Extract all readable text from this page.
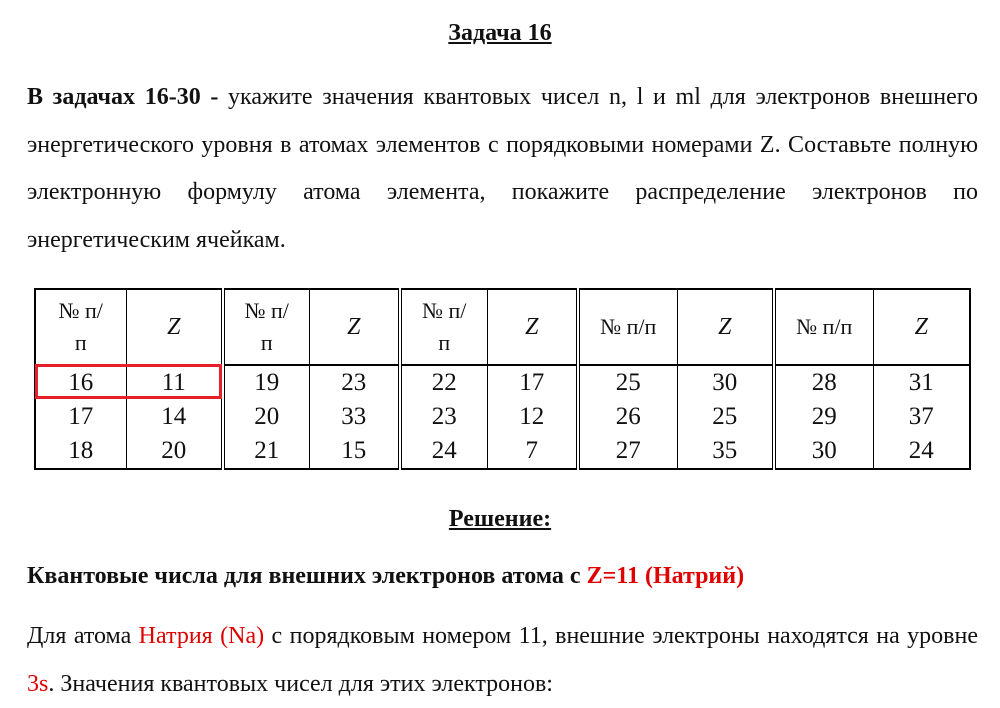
Задача 16

В задачах 16-30 - укажите значения квантовых чисел n, l и ml для электронов внешнего энергетического уровня в атомах элементов с порядковыми номерами Z. Составьте полную электронную формулу атома элемента, покажите распределение электронов по энергетическим ячейкам.

№ п/п	Z	№ п/п	Z	№ п/п	Z	№ п/п	Z	№ п/п	Z
16	11	19	23	22	17	25	30	28	31
17	14	20	33	23	12	26	25	29	37
18	20	21	15	24	7	27	35	30	24
Решение:
Квантовые числа для внешних электронов атома с Z=11 (Натрий)

Для атома Натрия (Na) с порядковым номером 11, внешние электроны находятся на уровне 3s. Значения квантовых чисел для этих электронов:
